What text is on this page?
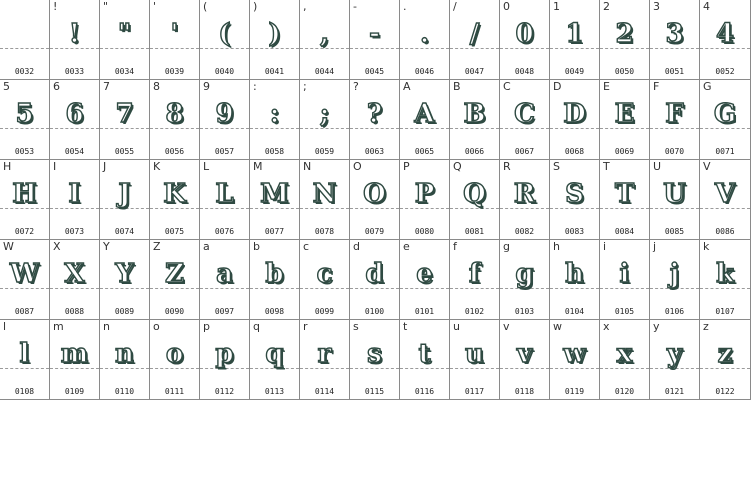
0032
!
!
0033
"
"
0034
'
'
0039
(
(
0040
)
)
0041
,
,
0044
-
-
0045
.
.
0046
/
/
0047
0
0
0048
1
1
0049
2
2
0050
3
3
0051
4
4
0052
5
5
0053
6
6
0054
7
7
0055
8
8
0056
9
9
0057
:
:
0058
;
;
0059
?
?
0063
A
A
0065
B
B
0066
C
C
0067
D
D
0068
E
E
0069
F
F
0070
G
G
0071
H
H
0072
I
I
0073
J
J
0074
K
K
0075
L
L
0076
M
M
0077
N
N
0078
O
O
0079
P
P
0080
Q
Q
0081
R
R
0082
S
S
0083
T
T
0084
U
U
0085
V
V
0086
W
W
0087
X
X
0088
Y
Y
0089
Z
Z
0090
a
a
0097
b
b
0098
c
c
0099
d
d
0100
e
e
0101
f
f
0102
g
g
0103
h
h
0104
i
i
0105
j
j
0106
k
k
0107
l
l
0108
m
m
0109
n
n
0110
o
o
0111
p
p
0112
q
q
0113
r
r
0114
s
s
0115
t
t
0116
u
u
0117
v
v
0118
w
w
0119
x
x
0120
y
y
0121
z
z
0122
